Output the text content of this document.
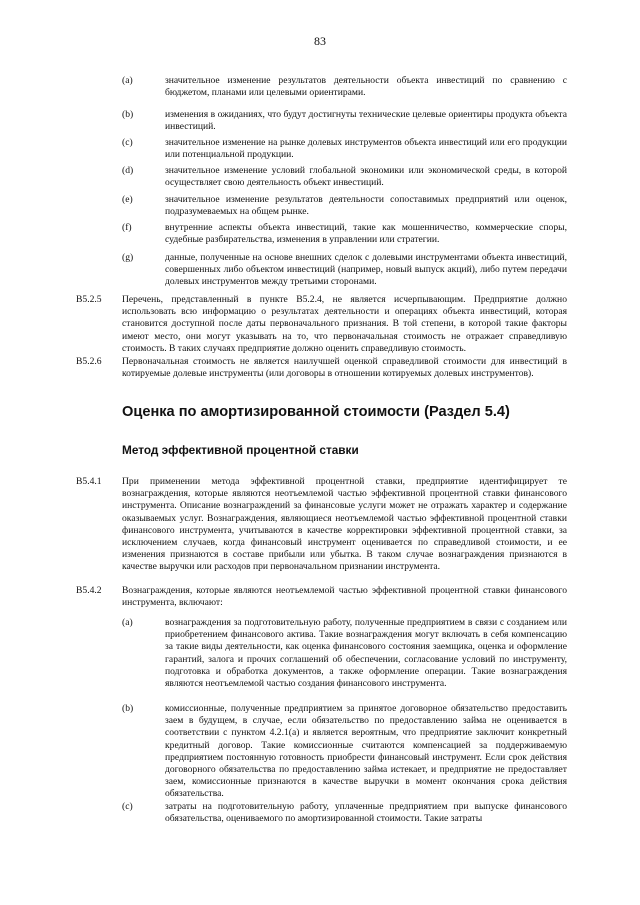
83
(a)	значительное изменение результатов деятельности объекта инвестиций по сравнению с бюджетом, планами или целевыми ориентирами.
(b)	изменения в ожиданиях, что будут достигнуты технические целевые ориентиры продукта объекта инвестиций.
(c)	значительное изменение на рынке долевых инструментов объекта инвестиций или его продукции или потенциальной продукции.
(d)	значительное изменение условий глобальной экономики или экономической среды, в которой осуществляет свою деятельность объект инвестиций.
(e)	значительное изменение результатов деятельности сопоставимых предприятий или оценок, подразумеваемых на общем рынке.
(f)	внутренние аспекты объекта инвестиций, такие как мошенничество, коммерческие споры, судебные разбирательства, изменения в управлении или стратегии.
(g)	данные, полученные на основе внешних сделок с долевыми инструментами объекта инвестиций, совершенных либо объектом инвестиций (например, новый выпуск акций), либо путем передачи долевых инструментов между третьими сторонами.
B5.2.5 Перечень, представленный в пункте B5.2.4, не является исчерпывающим. Предприятие должно использовать всю информацию о результатах деятельности и операциях объекта инвестиций, которая становится доступной после даты первоначального признания. В той степени, в которой такие факторы имеют место, они могут указывать на то, что первоначальная стоимость не отражает справедливую стоимость. В таких случаях предприятие должно оценить справедливую стоимость.
B5.2.6 Первоначальная стоимость не является наилучшей оценкой справедливой стоимости для инвестиций в котируемые долевые инструменты (или договоры в отношении котируемых долевых инструментов).
Оценка по амортизированной стоимости (Раздел 5.4)
Метод эффективной процентной ставки
B5.4.1 При применении метода эффективной процентной ставки, предприятие идентифицирует те вознаграждения, которые являются неотъемлемой частью эффективной процентной ставки финансового инструмента. Описание вознаграждений за финансовые услуги может не отражать характер и содержание оказываемых услуг. Вознаграждения, являющиеся неотъемлемой частью эффективной процентной ставки финансового инструмента, учитываются в качестве корректировки эффективной процентной ставки, за исключением случаев, когда финансовый инструмент оценивается по справедливой стоимости, и ее изменения признаются в составе прибыли или убытка. В таком случае вознаграждения признаются в качестве выручки или расходов при первоначальном признании инструмента.
B5.4.2 Вознаграждения, которые являются неотъемлемой частью эффективной процентной ставки финансового инструмента, включают:
(a)	вознаграждения за подготовительную работу, полученные предприятием в связи с созданием или приобретением финансового актива. Такие вознаграждения могут включать в себя компенсацию за такие виды деятельности, как оценка финансового состояния заемщика, оценка и оформление гарантий, залога и прочих соглашений об обеспечении, согласование условий по инструменту, подготовка и обработка документов, а также оформление операции. Такие вознаграждения являются неотъемлемой частью создания финансового инструмента.
(b)	комиссионные, полученные предприятием за принятое договорное обязательство предоставить заем в будущем, в случае, если обязательство по предоставлению займа не оценивается в соответствии с пунктом 4.2.1(a) и является вероятным, что предприятие заключит конкретный кредитный договор. Такие комиссионные считаются компенсацией за поддерживаемую предприятием постоянную готовность приобрести финансовый инструмент. Если срок действия договорного обязательства по предоставлению займа истекает, и предприятие не предоставляет заем, комиссионные признаются в качестве выручки в момент окончания срока действия обязательства.
(c)	затраты на подготовительную работу, уплаченные предприятием при выпуске финансового обязательства, оцениваемого по амортизированной стоимости. Такие затраты
